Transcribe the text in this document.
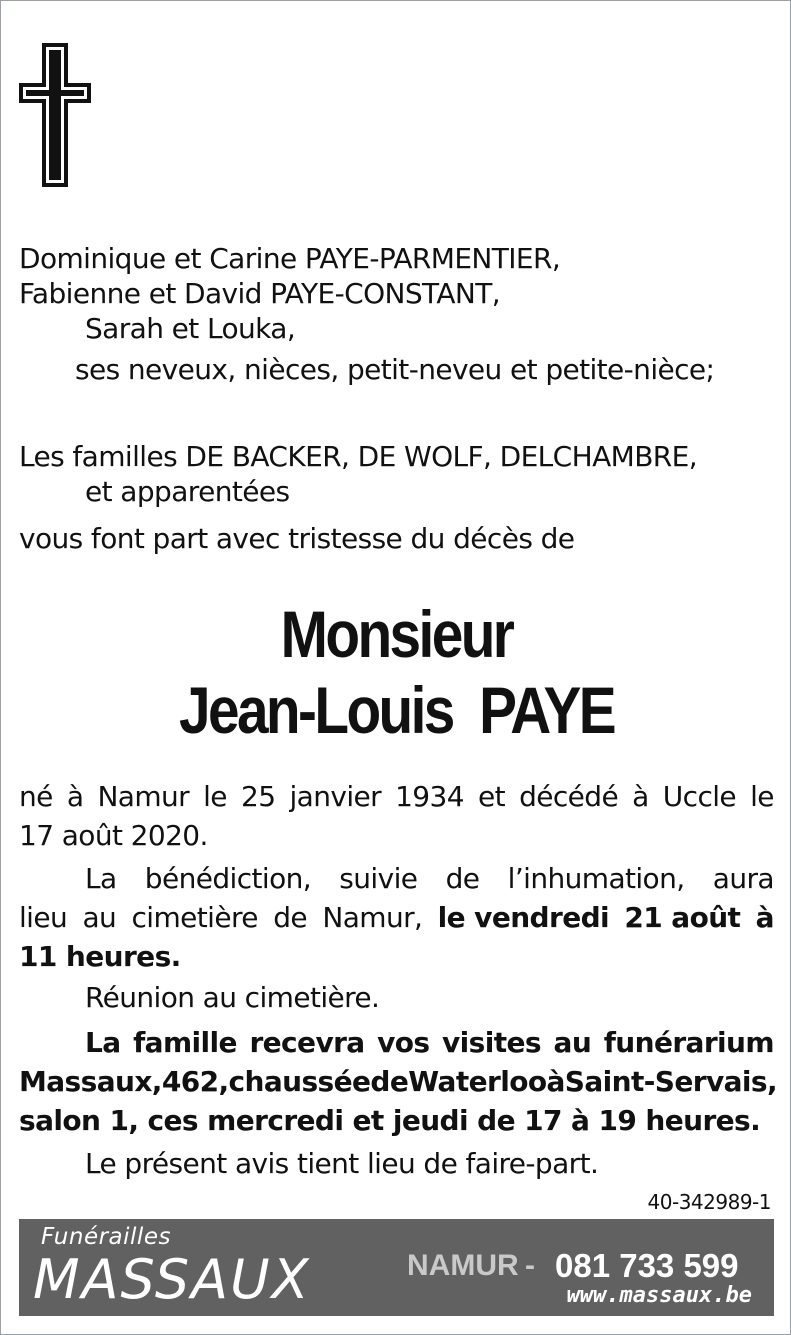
Dominique et Carine PAYE-PARMENTIER,

Fabienne et David PAYE-CONSTANT,

Sarah et Louka,

ses neveux, nièces, petit-neveu et petite-nièce;

Les familles DE BACKER, DE WOLF, DELCHAMBRE,

et apparentées

vous font part avec tristesse du décès de

Monsieur
Jean-Louis  PAYE
né à Namur le 25 janvier 1934 et décédé à Uccle le
17 août 2020.
La bénédiction, suivie de l’inhumation, aura
lieu au cimetière de Namur, le vendredi 21 août à
11 heures.
Réunion au cimetière.
La famille recevra vos visites au funérarium
Massaux, 462, chaussée de Waterloo à Saint-Servais,
salon 1, ces mercredi et jeudi de 17 à 19 heures.
Le présent avis tient lieu de faire-part.
40-342989-1
Funérailles
MASSAUX	NAMUR - 081 733 599
www.massaux.be
